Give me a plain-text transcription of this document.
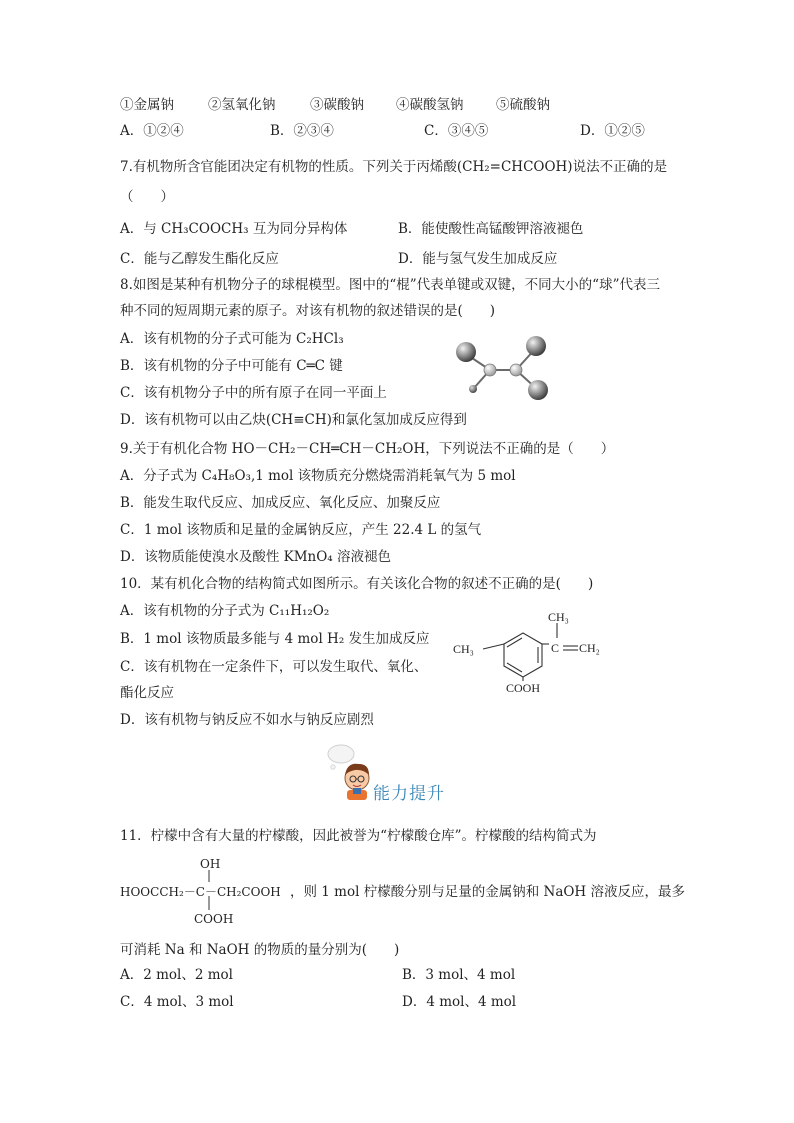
①金属钠	②氢氧化钠	③碳酸钠 ④碳酸氢钠 ⑤硫酸钠
A．①②④	B．②③④	C．③④⑤	D．①②⑤
7.有机物所含官能团决定有机物的性质。下列关于丙烯酸(CH₂=CHCOOH)说法不正确的是
（　　）
A．与 CH₃COOCH₃ 互为同分异构体	B．能使酸性高锰酸钾溶液褪色
C．能与乙醇发生酯化反应	D．能与氢气发生加成反应
8.如图是某种有机物分子的球棍模型。图中的“棍”代表单键或双键，不同大小的“球”代表三
种不同的短周期元素的原子。对该有机物的叙述错误的是(　　)
A．该有机物的分子式可能为 C₂HCl₃
B．该有机物的分子中可能有 C═C 键
C．该有机物分子中的所有原子在同一平面上
D．该有机物可以由乙炔(CH≡CH)和氯化氢加成反应得到
9.关于有机化合物 HO－CH₂－CH═CH－CH₂OH，下列说法不正确的是（　　）
A．分子式为 C₄H₈O₃,1 mol 该物质充分燃烧需消耗氧气为 5 mol
B．能发生取代反应、加成反应、氧化反应、加聚反应
C．1 mol 该物质和足量的金属钠反应，产生 22.4 L 的氢气
D．该物质能使溴水及酸性 KMnO₄ 溶液褪色
10．某有机化合物的结构简式如图所示。有关该化合物的叙述不正确的是(　　)
A．该有机物的分子式为 C₁₁H₁₂O₂
B．1 mol 该物质最多能与 4 mol H₂ 发生加成反应
C．该有机物在一定条件下，可以发生取代、氧化、
酯化反应
D．该有机物与钠反应不如水与钠反应剧烈
CH₃
CH₃	C CH₂
COOH
能力提升
11．柠檬中含有大量的柠檬酸，因此被誉为“柠檬酸仓库”。柠檬酸的结构简式为
OH
HOOCCH₂－C－CH₂COOH
COOH
，则 1 mol 柠檬酸分别与足量的金属钠和 NaOH 溶液反应，最多
可消耗 Na 和 NaOH 的物质的量分别为(　　)
A．2 mol、2 mol	B．3 mol、4 mol
C．4 mol、3 mol	D．4 mol、4 mol
